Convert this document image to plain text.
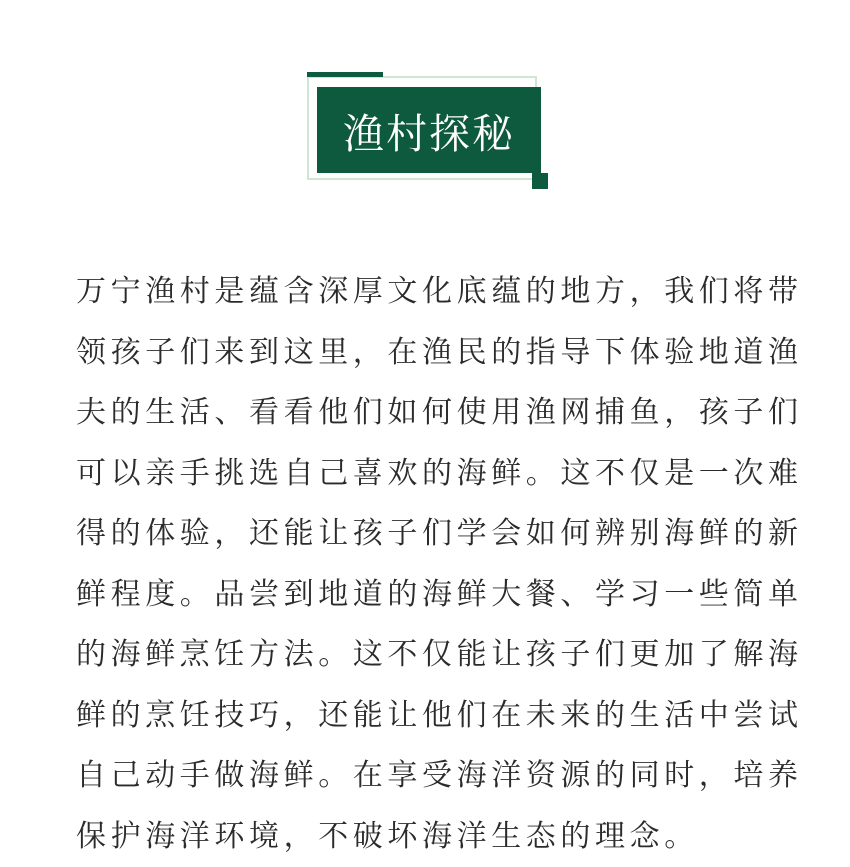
渔村探秘
万宁渔村是蕴含深厚文化底蕴的地方，我们将带
领孩子们来到这里，在渔民的指导下体验地道渔
夫的生活、看看他们如何使用渔网捕鱼，孩子们
可以亲手挑选自己喜欢的海鲜。这不仅是一次难
得的体验，还能让孩子们学会如何辨别海鲜的新
鲜程度。品尝到地道的海鲜大餐、学习一些简单
的海鲜烹饪方法。这不仅能让孩子们更加了解海
鲜的烹饪技巧，还能让他们在未来的生活中尝试
自己动手做海鲜。在享受海洋资源的同时，培养
保护海洋环境，不破坏海洋生态的理念。
